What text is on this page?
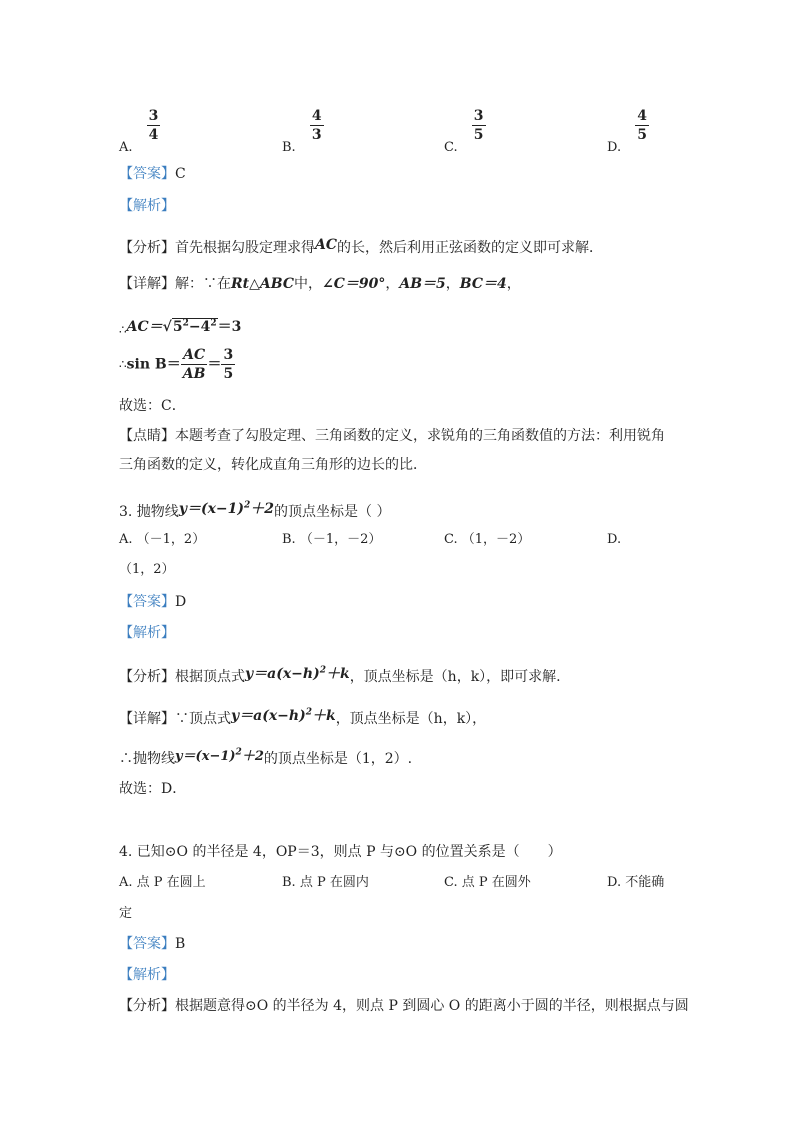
A.
$\frac{3}{4}$
B.
$\frac{4}{3}$
C.
$\frac{3}{5}$
D.
$\frac{4}{5}$
【答案】C
【解析】
【分析】首先根据勾股定理求得AC的长，然后利用正弦函数的定义即可求解．
【详解】解：∵在Rt△ABC中，∠C＝90°，AB＝5，BC＝4，
$\therefore AC=√5^2-4^2=3$
∴sin $B= \frac{AC}{AB} = \frac{3}{5}$
故选：C．
【点睛】本题考查了勾股定理、三角函数的定义，求锐角的三角函数值的方法：利用锐角
三角函数的定义，转化成直角三角形的边长的比．
3. 抛物线$y=(x-1)^2+2$的顶点坐标是（ ）
A. （－1，2）	B. （－1，－2）	C. （1，－2）	D.
（1，2）
【答案】D
【解析】
【分析】根据顶点式$y=a(x-h)^2+k$，顶点坐标是（h，k），即可求解.
【详解】∵顶点式$y=a(x-h)^2+k$，顶点坐标是（h，k），
∴抛物线$y=(x-1)^2+2$的顶点坐标是（1，2）.
故选：D．
4. 已知⊙O 的半径是 4，OP＝3，则点 P 与⊙O 的位置关系是（　　）
A. 点 P 在圆上	B. 点 P 在圆内	C. 点 P 在圆外	D. 不能确
定
【答案】B
【解析】
【分析】根据题意得⊙O 的半径为 4，则点 P 到圆心 O 的距离小于圆的半径，则根据点与圆
